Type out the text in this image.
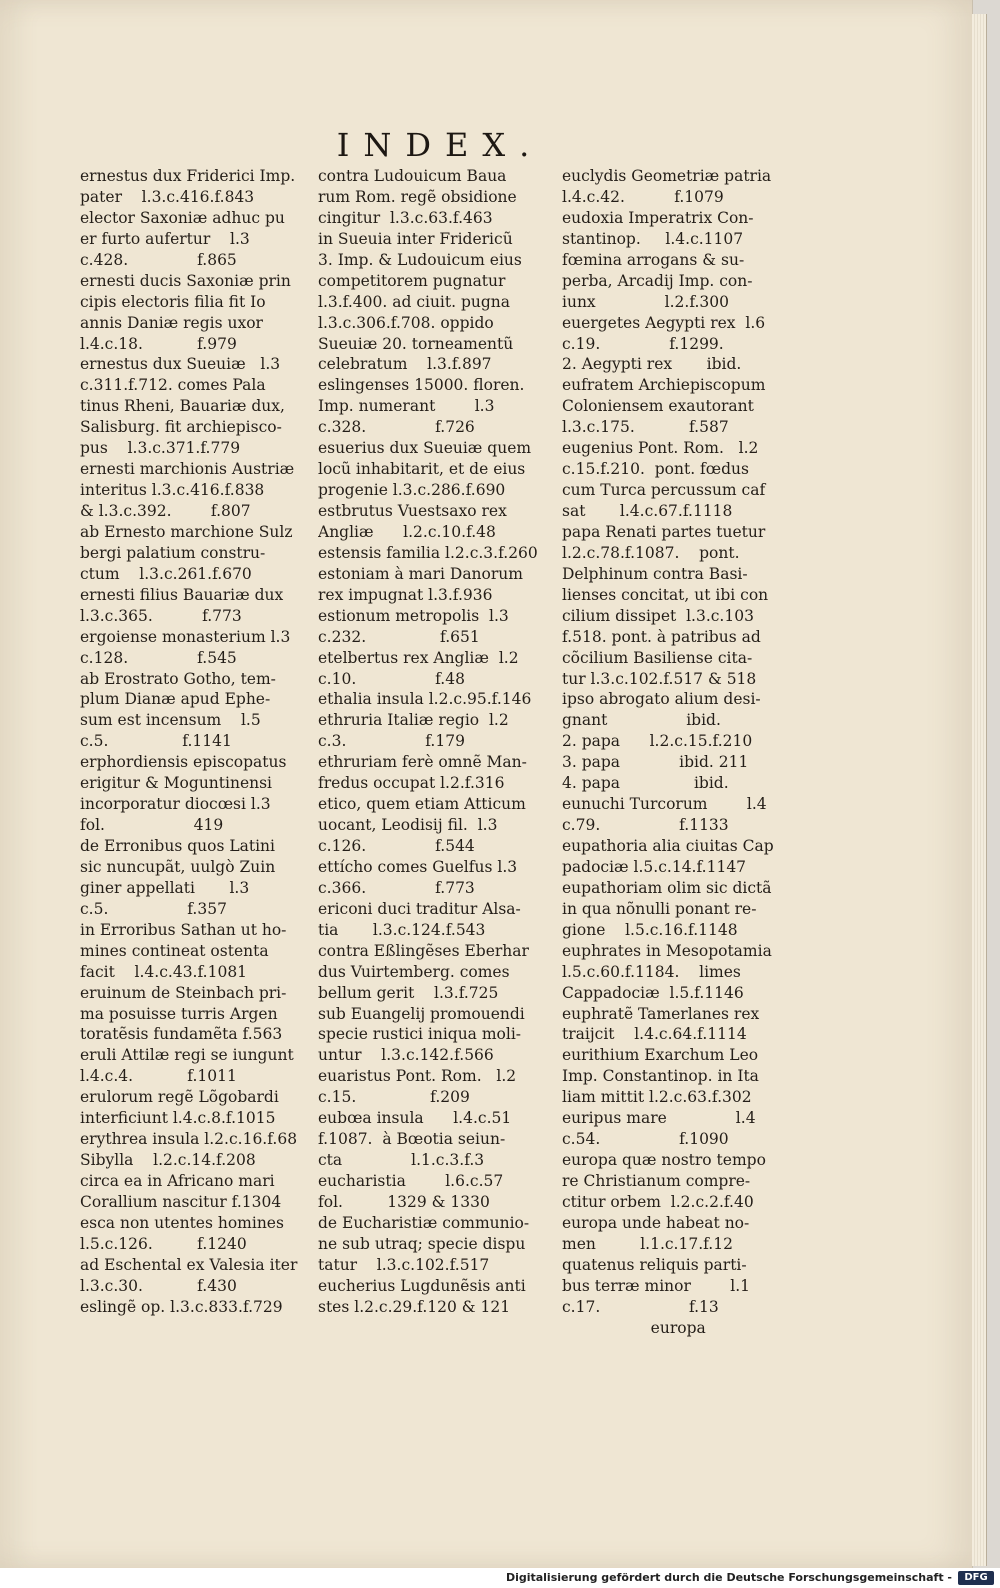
INDEX.
ernestus dux Friderici Imp.
pater    l.3.c.416.f.843
elector Saxoniæ adhuc pu
er furto aufertur    l.3
c.428.              f.865
ernesti ducis Saxoniæ prin
cipis electoris filia fit Io
annis Daniæ regis uxor
l.4.c.18.           f.979
ernestus dux Sueuiæ   l.3
c.311.f.712. comes Pala
tinus Rheni, Bauariæ dux,
Salisburg. fit archiepisco-
pus    l.3.c.371.f.779
ernesti marchionis Austriæ
interitus l.3.c.416.f.838
& l.3.c.392.        f.807
ab Ernesto marchione Sulz
bergi palatium constru-
ctum    l.3.c.261.f.670
ernesti filius Bauariæ dux
l.3.c.365.          f.773
ergoiense monasterium l.3
c.128.              f.545
ab Erostrato Gotho, tem-
plum Dianæ apud Ephe-
sum est incensum    l.5
c.5.               f.1141
erphordiensis episcopatus
erigitur & Moguntinensi
incorporatur diocœsi l.3
fol.                  419
de Erronibus quos Latini
sic nuncupãt, uulgò Zuin
giner appellati       l.3
c.5.                f.357
in Erroribus Sathan ut ho-
mines contineat ostenta
facit    l.4.c.43.f.1081
eruinum de Steinbach pri-
ma posuisse turris Argen
toratẽsis fundamẽta f.563
eruli Attilæ regi se iungunt
l.4.c.4.           f.1011
erulorum regẽ Lõgobardi
interficiunt l.4.c.8.f.1015
erythrea insula l.2.c.16.f.68
Sibylla    l.2.c.14.f.208
circa ea in Africano mari
Corallium nascitur f.1304
esca non utentes homines
l.5.c.126.         f.1240
ad Eschental ex Valesia iter
l.3.c.30.           f.430
eslingẽ op. l.3.c.833.f.729
contra Ludouicum Baua
rum Rom. regẽ obsidione
cingitur  l.3.c.63.f.463
in Sueuia inter Fridericũ
3. Imp. & Ludouicum eius
competitorem pugnatur
l.3.f.400. ad ciuit. pugna
l.3.c.306.f.708. oppido
Sueuiæ 20. torneamentũ
celebratum    l.3.f.897
eslingenses 15000. floren.
Imp. numerant        l.3
c.328.              f.726
esuerius dux Sueuiæ quem
locũ inhabitarit, et de eius
progenie l.3.c.286.f.690
estbrutus Vuestsaxo rex
Angliæ      l.2.c.10.f.48
estensis familia l.2.c.3.f.260
estoniam à mari Danorum
rex impugnat l.3.f.936
estionum metropolis  l.3
c.232.               f.651
etelbertus rex Angliæ  l.2
c.10.                f.48
ethalia insula l.2.c.95.f.146
ethruria Italiæ regio  l.2
c.3.                f.179
ethruriam ferè omnẽ Man-
fredus occupat l.2.f.316
etico, quem etiam Atticum
uocant, Leodisij fil.  l.3
c.126.              f.544
ettícho comes Guelfus l.3
c.366.              f.773
ericoni duci traditur Alsa-
tia       l.3.c.124.f.543
contra Eßlingẽses Eberhar
dus Vuirtemberg. comes
bellum gerit    l.3.f.725
sub Euangelij promouendi
specie rustici iniqua moli-
untur    l.3.c.142.f.566
euaristus Pont. Rom.   l.2
c.15.               f.209
eubœa insula      l.4.c.51
f.1087.  à Bœotia seiun-
cta              l.1.c.3.f.3
eucharistia        l.6.c.57
fol.         1329 & 1330
de Eucharistiæ communio-
ne sub utraq; specie dispu
tatur    l.3.c.102.f.517
eucherius Lugdunẽsis anti
stes l.2.c.29.f.120 & 121
euclydis Geometriæ patria
l.4.c.42.          f.1079
eudoxia Imperatrix Con-
stantinop.     l.4.c.1107
fœmina arrogans & su-
perba, Arcadij Imp. con-
iunx              l.2.f.300
euergetes Aegypti rex  l.6
c.19.              f.1299.
2. Aegypti rex       ibid.
eufratem Archiepiscopum
Coloniensem exautorant
l.3.c.175.           f.587
eugenius Pont. Rom.   l.2
c.15.f.210.  pont. fœdus
cum Turca percussum caf
sat       l.4.c.67.f.1118
papa Renati partes tuetur
l.2.c.78.f.1087.    pont.
Delphinum contra Basi-
lienses concitat, ut ibi con
cilium dissipet  l.3.c.103
f.518. pont. à patribus ad
cõcilium Basiliense cita-
tur l.3.c.102.f.517 & 518
ipso abrogato alium desi-
gnant                ibid.
2. papa      l.2.c.15.f.210
3. papa            ibid. 211
4. papa               ibid.
eunuchi Turcorum        l.4
c.79.                f.1133
eupathoria alia ciuitas Cap
padociæ l.5.c.14.f.1147
eupathoriam olim sic dictã
in qua nõnulli ponant re-
gione    l.5.c.16.f.1148
euphrates in Mesopotamia
l.5.c.60.f.1184.    limes
Cappadociæ  l.5.f.1146
euphratẽ Tamerlanes rex
traijcit    l.4.c.64.f.1114
eurithium Exarchum Leo
Imp. Constantinop. in Ita
liam mittit l.2.c.63.f.302
euripus mare              l.4
c.54.                f.1090
europa quæ nostro tempo
re Christianum compre-
ctitur orbem  l.2.c.2.f.40
europa unde habeat no-
men         l.1.c.17.f.12
quatenus reliquis parti-
bus terræ minor        l.1
c.17.                  f.13
europa
Digitalisierung gefördert durch die Deutsche Forschungsgemeinschaft -	DFG
